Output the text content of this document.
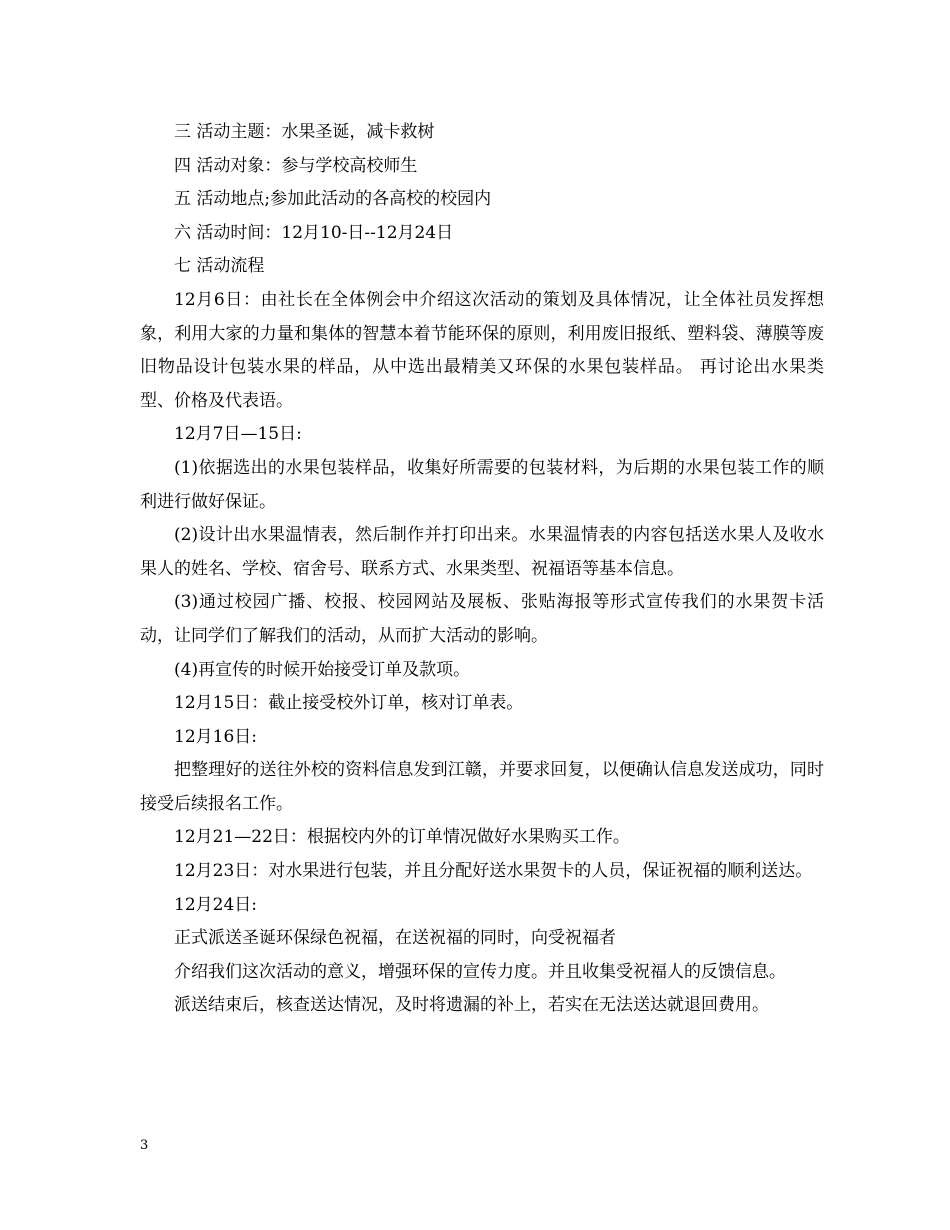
三 活动主题：水果圣诞，减卡救树

四 活动对象：参与学校高校师生

五 活动地点;参加此活动的各高校的校园内

六 活动时间：12月10-日--12月24日

七 活动流程

12月6日：由社长在全体例会中介绍这次活动的策划及具体情况，让全体社员发挥想象，利用大家的力量和集体的智慧本着节能环保的原则，利用废旧报纸、塑料袋、薄膜等废旧物品设计包装水果的样品，从中选出最精美又环保的水果包装样品。 再讨论出水果类型、价格及代表语。

12月7日—15日:

(1)依据选出的水果包装样品，收集好所需要的包装材料，为后期的水果包装工作的顺利进行做好保证。

(2)设计出水果温情表，然后制作并打印出来。水果温情表的内容包括送水果人及收水果人的姓名、学校、宿舍号、联系方式、水果类型、祝福语等基本信息。

(3)通过校园广播、校报、校园网站及展板、张贴海报等形式宣传我们的水果贺卡活动，让同学们了解我们的活动，从而扩大活动的影响。

(4)再宣传的时候开始接受订单及款项。

12月15日：截止接受校外订单，核对订单表。

12月16日:

把整理好的送往外校的资料信息发到江赣，并要求回复，以便确认信息发送成功，同时接受后续报名工作。

12月21—22日：根据校内外的订单情况做好水果购买工作。

12月23日：对水果进行包装，并且分配好送水果贺卡的人员，保证祝福的顺利送达。

12月24日:

正式派送圣诞环保绿色祝福，在送祝福的同时，向受祝福者

介绍我们这次活动的意义，增强环保的宣传力度。并且收集受祝福人的反馈信息。

派送结束后，核查送达情况，及时将遗漏的补上，若实在无法送达就退回费用。

3
